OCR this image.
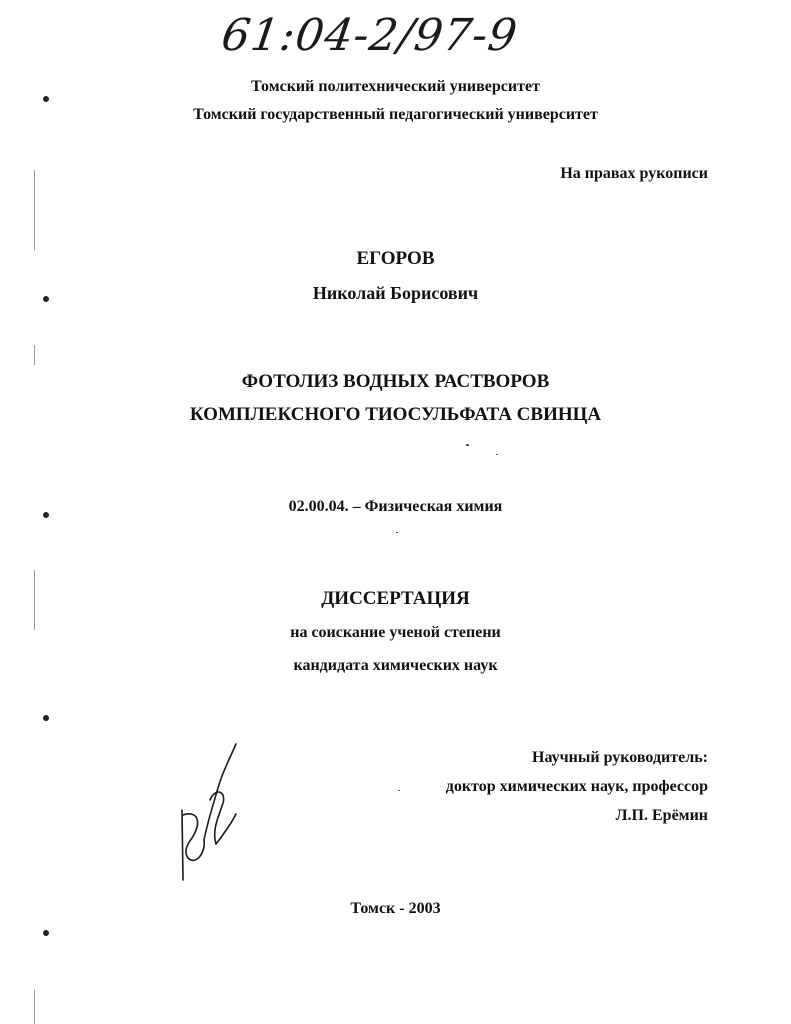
61:04-2/97-9
Томский политехнический университет
Томский государственный педагогический университет
На правах рукописи
ЕГОРОВ
Николай Борисович
ФОТОЛИЗ ВОДНЫХ РАСТВОРОВ
КОМПЛЕКСНОГО ТИОСУЛЬФАТА СВИНЦА
02.00.04. – Физическая химия
ДИССЕРТАЦИЯ
на соискание ученой степени
кандидата химических наук
Научный руководитель:
доктор химических наук, профессор
Л.П. Ерёмин
Томск - 2003
